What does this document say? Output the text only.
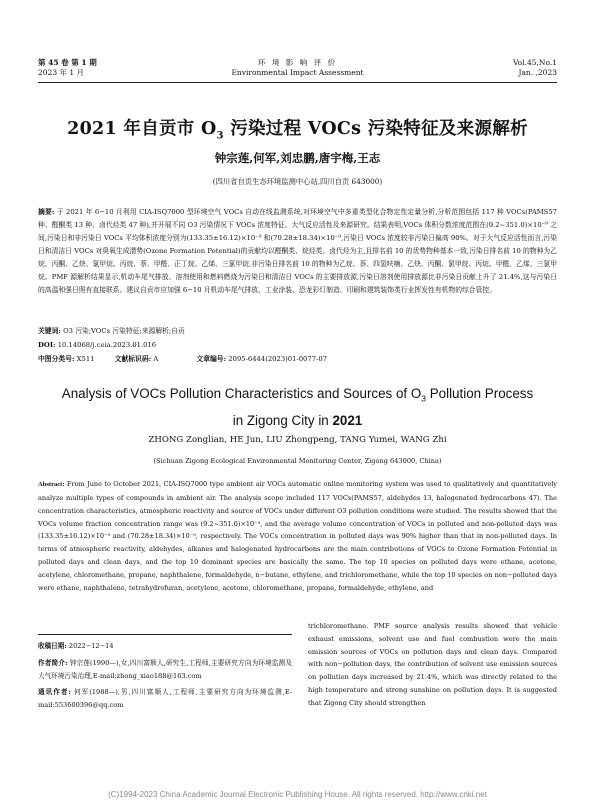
第 45 卷 第 1 期
2023 年 1 月
环 境 影 响 评 价
Environmental Impact Assessment
Vol.45,No.1
Jan. ,2023
2021 年自贡市 $O_3$ 污染过程 VOCs 污染特征及来源解析
钟宗莲,何军,刘忠鹏,唐宇梅,王志
(四川省自贡生态环境监测中心站,四川自贡 643000)
摘要: 于 2021 年 6−10 月利用 CIA-ISQ7000 型环境空气 VOCs 自动在线监测系统,对环境空气中多重类型化合物定性定量分析,分析范围包括 117 种 VOCs(PAMS57 种、醛酮类 13 种、卤代烃类 47 种),并开展不同 O3 污染情况下 VOCs 浓度特征、大气反应活性及来源研究。结果表明,VOCs 体积分数浓度范围在(9.2~351.0)×10⁻⁹ 之间,污染日和非污染日 VOCs 平均体积浓度分别为(133.35±16.12)×10⁻⁹ 和(70.28±18.34)×10⁻⁹,污染日 VOCs 浓度较非污染日偏高 90%。对于大气反应活性而言,污染日和清洁日 VOCs 对臭氧生成潜势(Ozone Formation Potential)的贡献均以醛酮类、烷烃类、卤代烃为主,且排名前 10 的优势物种基本一致,污染日排名前 10 的物种为乙烷、丙酮、乙炔、氯甲烷、丙烷、萘、甲醛、正丁烷、乙烯、三氯甲烷,非污染日排名前 10 的物种为乙烷、萘、四氢呋喃、乙炔、丙酮、氯甲烷、丙烷、甲醛、乙烯、三氯甲烷。PMF 源解析结果显示,机动车尾气排放、溶剂使用和燃料燃烧为污染日和清洁日 VOCs 的主要排放源,污染日溶剂使用排放源比非污染日贡献上升了 21.4%,这与污染日的高温和强日照有直接联系。建议自贡市应加强 6−10 月机动车尾气排放、工业涂装、恐龙彩灯制造、印刷和建筑装饰类行业挥发性有机物的综合管控。
关键词: O3 污染;VOCs 污染特征;来源解析;自贡
DOI: 10.14068/j.ceia.2023.01.016
中图分类号: X511	文献标识码: A	文章编号: 2095-6444(2023)01-0077-07
Analysis of VOCs Pollution Characteristics and Sources of $O_3$ Pollution Process
in Zigong City in 2021
ZHONG Zonglian, HE Jun, LIU Zhongpeng, TANG Yumei, WANG Zhi
(Sichuan Zigong Ecological Environmental Monitoring Center, Zigong 643000, China)
Abstract: From June to October 2021, CIA-ISQ7000 type ambient air VOCs automatic online monitoring system was used to qualitatively and quantitatively analyze multiple types of compounds in ambient air. The analysis scope included 117 VOCs(PAMS57, aldehydes 13, halogenated hydrocarbons 47). The concentration characteristics, atmospheric reactivity and source of VOCs under different O3 pollution conditions were studied. The results showed that the VOCs volume fraction concentration range was (9.2~351.0)×10⁻⁹, and the average volume concentration of VOCs in polluted and non-polluted days was (133.35±16.12)×10⁻⁹ and (70.28±18.34)×10⁻⁹, respectively. The VOCs concentration in polluted days was 90% higher than that in non-polluted days. In terms of atmospheric reactivity, aldehydes, alkanes and halogenated hydrocarbons are the main contributions of VOCs to Ozone Formation Potential in polluted days and clean days, and the top 10 dominant species are basically the same. The top 10 species on polluted days were ethane, acetone, acetylene, chloromethane, propane, naphthalene, formaldehyde, n−butane, ethylene, and trichloromethane, while the top 10 species on non−polluted days were ethane, naphthalene, tetrahydrofuran, acetylene, acetone, chloromethane, propane, formaldehyde, ethylene, and
收稿日期: 2022−12−14
作者简介: 钟宗莲(1990—),女,四川富顺人,研究生,工程师,主要研究方向为环境监测及大气环境污染治理,E-mail:zhong_xiao188@163.com
通讯作者: 何军(1988—),男,四川富顺人,工程师,主要研究方向为环境监测,E-mail:553600396@qq.com
trichloromethane. PMF source analysis results showed that vehicle exhaust emissions, solvent use and fuel combustion were the main emission sources of VOCs on pollution days and clean days. Compared with non−pollution days, the contribution of solvent use emission sources on pollution days increased by 21.4%, which was directly related to the high temperature and strong sunshine on pollution days. It is suggested that Zigong City should strengthen
(C)1994-2023 China Academic Journal Electronic Publishing House. All rights reserved. http://www.cnki.net
